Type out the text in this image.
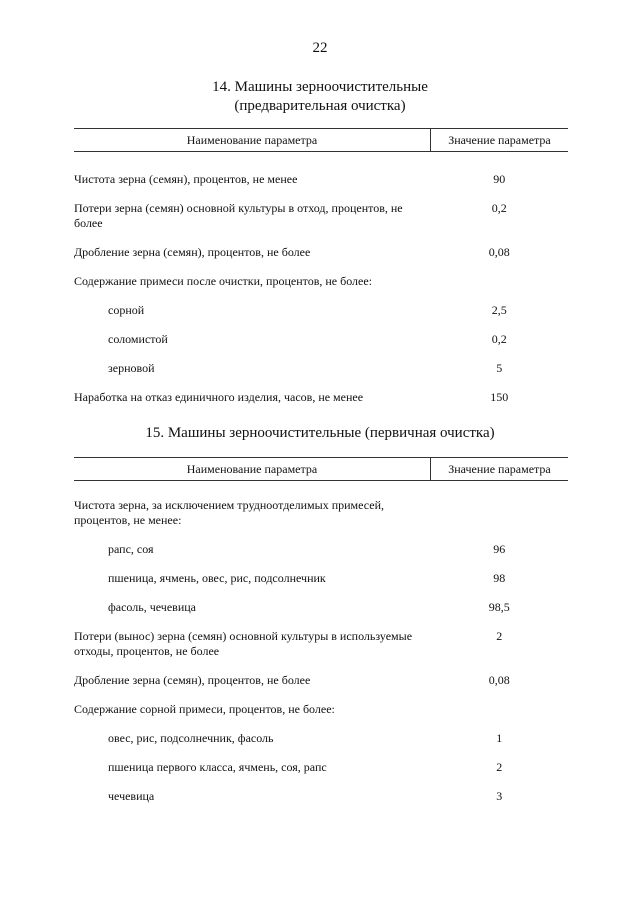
22
14. Машины зерноочистительные
(предварительная очистка)
Наименование параметра	Значение параметра
Чистота зерна (семян), процентов, не менее	90
Потери зерна (семян) основной культуры в отход, процентов, не более	0,2
Дробление зерна (семян), процентов, не более	0,08
Содержание примеси после очистки, процентов, не более:	
сорной	2,5
соломистой	0,2
зерновой	5
Наработка на отказ единичного изделия, часов, не менее	150
15. Машины зерноочистительные (первичная очистка)
Наименование параметра	Значение параметра
Чистота зерна, за исключением трудноотделимых примесей, процентов, не менее:	
рапс, соя	96
пшеница, ячмень, овес, рис, подсолнечник	98
фасоль, чечевица	98,5
Потери (вынос) зерна (семян) основной культуры в используемые отходы, процентов, не более	2
Дробление зерна (семян), процентов, не более	0,08
Содержание сорной примеси, процентов, не более:	
овес, рис, подсолнечник, фасоль	1
пшеница первого класса, ячмень, соя, рапс	2
чечевица	3
